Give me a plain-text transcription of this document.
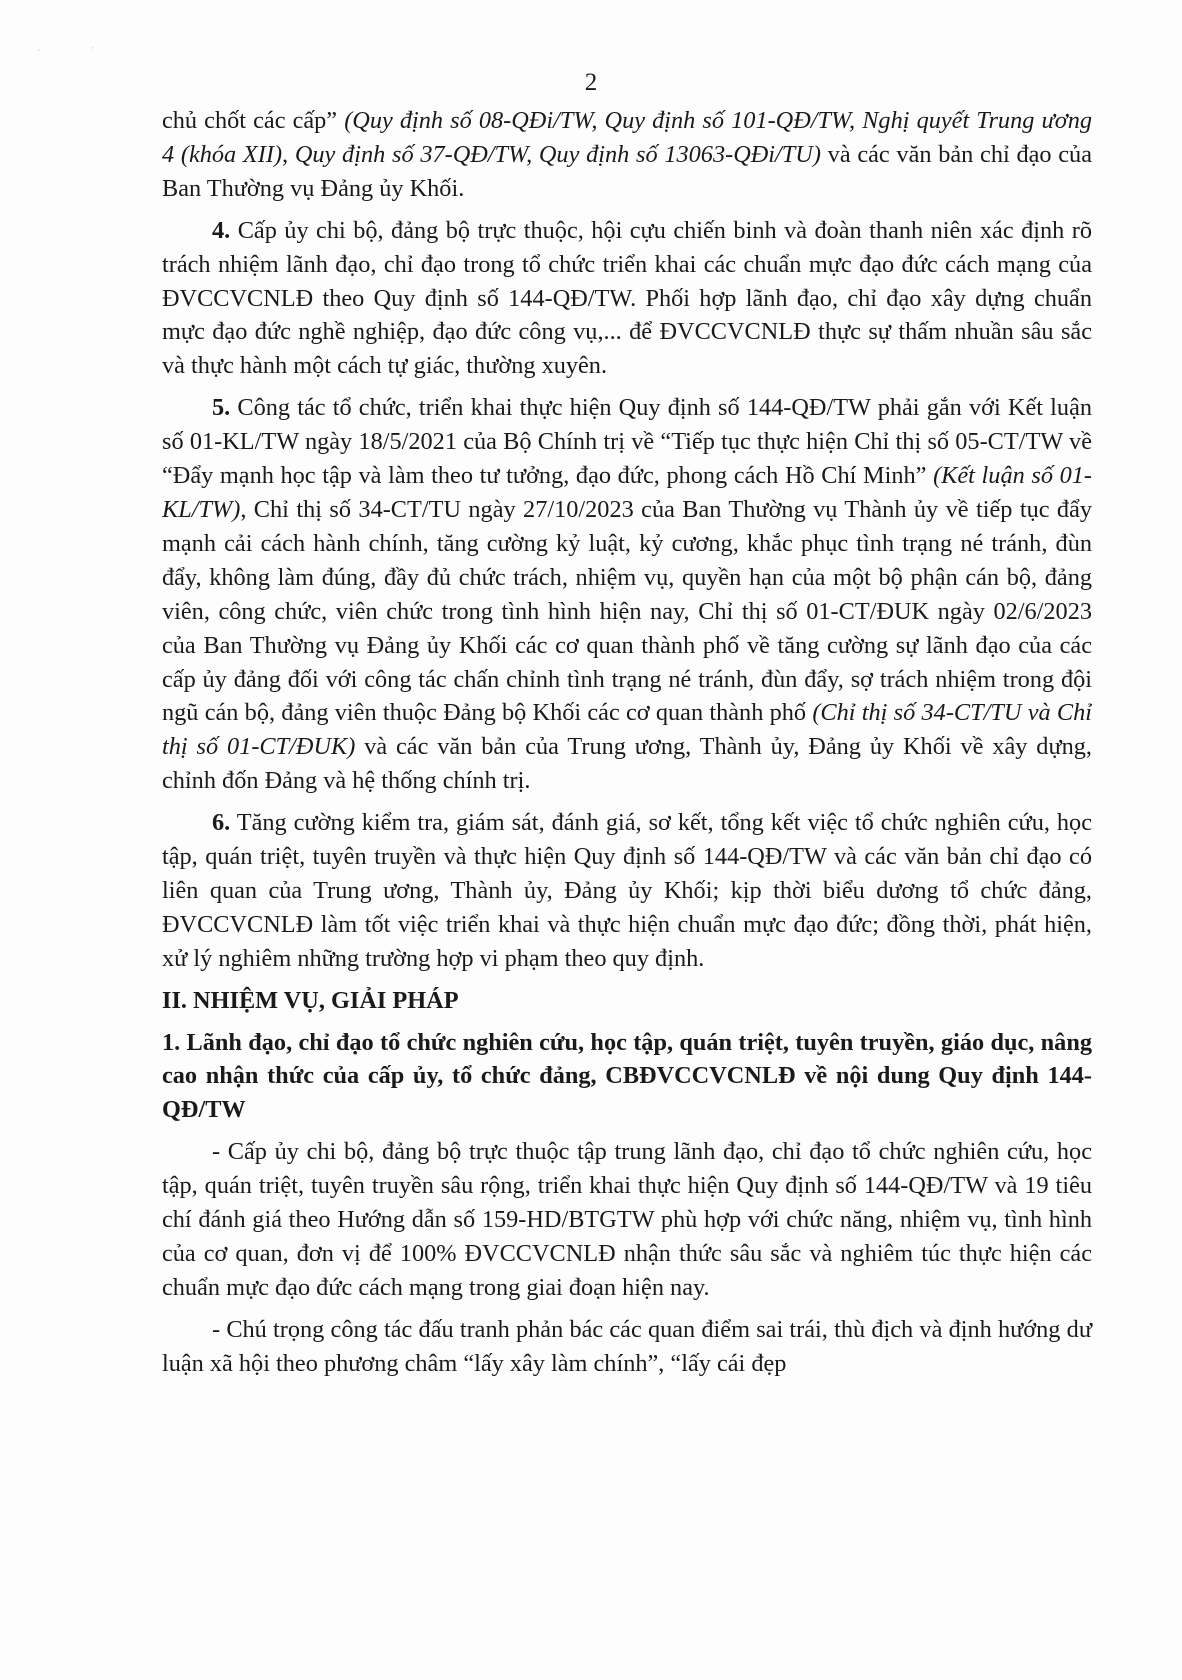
'	'
2

chủ chốt các cấp” (Quy định số 08-QĐi/TW, Quy định số 101-QĐ/TW, Nghị quyết Trung ương 4 (khóa XII), Quy định số 37-QĐ/TW, Quy định số 13063-QĐi/TU) và các văn bản chỉ đạo của Ban Thường vụ Đảng ủy Khối.

4. Cấp ủy chi bộ, đảng bộ trực thuộc, hội cựu chiến binh và đoàn thanh niên xác định rõ trách nhiệm lãnh đạo, chỉ đạo trong tổ chức triển khai các chuẩn mực đạo đức cách mạng của ĐVCCVCNLĐ theo Quy định số 144-QĐ/TW. Phối hợp lãnh đạo, chỉ đạo xây dựng chuẩn mực đạo đức nghề nghiệp, đạo đức công vụ,... để ĐVCCVCNLĐ thực sự thấm nhuần sâu sắc và thực hành một cách tự giác, thường xuyên.

5. Công tác tổ chức, triển khai thực hiện Quy định số 144-QĐ/TW phải gắn với Kết luận số 01-KL/TW ngày 18/5/2021 của Bộ Chính trị về “Tiếp tục thực hiện Chỉ thị số 05-CT/TW về “Đẩy mạnh học tập và làm theo tư tưởng, đạo đức, phong cách Hồ Chí Minh” (Kết luận số 01-KL/TW), Chỉ thị số 34-CT/TU ngày 27/10/2023 của Ban Thường vụ Thành ủy về tiếp tục đẩy mạnh cải cách hành chính, tăng cường kỷ luật, kỷ cương, khắc phục tình trạng né tránh, đùn đẩy, không làm đúng, đầy đủ chức trách, nhiệm vụ, quyền hạn của một bộ phận cán bộ, đảng viên, công chức, viên chức trong tình hình hiện nay, Chỉ thị số 01-CT/ĐUK ngày 02/6/2023 của Ban Thường vụ Đảng ủy Khối các cơ quan thành phố về tăng cường sự lãnh đạo của các cấp ủy đảng đối với công tác chấn chỉnh tình trạng né tránh, đùn đẩy, sợ trách nhiệm trong đội ngũ cán bộ, đảng viên thuộc Đảng bộ Khối các cơ quan thành phố (Chỉ thị số 34-CT/TU và Chỉ thị số 01-CT/ĐUK) và các văn bản của Trung ương, Thành ủy, Đảng ủy Khối về xây dựng, chỉnh đốn Đảng và hệ thống chính trị.

6. Tăng cường kiểm tra, giám sát, đánh giá, sơ kết, tổng kết việc tổ chức nghiên cứu, học tập, quán triệt, tuyên truyền và thực hiện Quy định số 144-QĐ/TW và các văn bản chỉ đạo có liên quan của Trung ương, Thành ủy, Đảng ủy Khối; kịp thời biểu dương tổ chức đảng, ĐVCCVCNLĐ làm tốt việc triển khai và thực hiện chuẩn mực đạo đức; đồng thời, phát hiện, xử lý nghiêm những trường hợp vi phạm theo quy định.

II. NHIỆM VỤ, GIẢI PHÁP

1. Lãnh đạo, chỉ đạo tổ chức nghiên cứu, học tập, quán triệt, tuyên truyền, giáo dục, nâng cao nhận thức của cấp ủy, tổ chức đảng, CBĐVCCVCNLĐ về nội dung Quy định 144-QĐ/TW

- Cấp ủy chi bộ, đảng bộ trực thuộc tập trung lãnh đạo, chỉ đạo tổ chức nghiên cứu, học tập, quán triệt, tuyên truyền sâu rộng, triển khai thực hiện Quy định số 144-QĐ/TW và 19 tiêu chí đánh giá theo Hướng dẫn số 159-HD/BTGTW phù hợp với chức năng, nhiệm vụ, tình hình của cơ quan, đơn vị để 100% ĐVCCVCNLĐ nhận thức sâu sắc và nghiêm túc thực hiện các chuẩn mực đạo đức cách mạng trong giai đoạn hiện nay.

- Chú trọng công tác đấu tranh phản bác các quan điểm sai trái, thù địch và định hướng dư luận xã hội theo phương châm “lấy xây làm chính”, “lấy cái đẹp
